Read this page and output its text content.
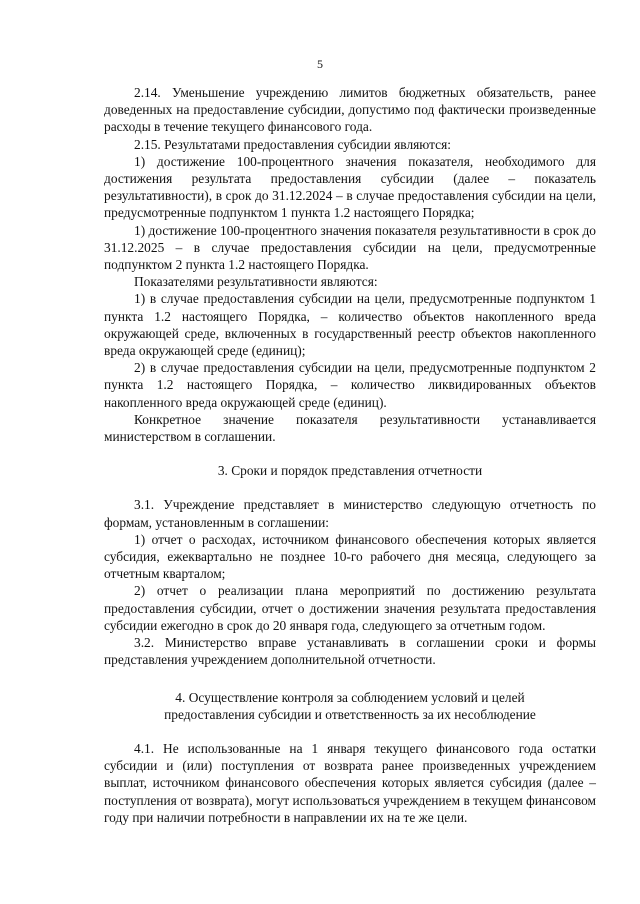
5

2.14. Уменьшение учреждению лимитов бюджетных обязательств, ранее доведенных на предоставление субсидии, допустимо под фактически произведенные расходы в течение текущего финансового года.

2.15. Результатами предоставления субсидии являются:

1) достижение 100-процентного значения показателя, необходимого для достижения результата предоставления субсидии (далее – показатель результативности), в срок до 31.12.2024 – в случае предоставления субсидии на цели, предусмотренные подпунктом 1 пункта 1.2 настоящего Порядка;

1) достижение 100-процентного значения показателя результативности в срок до 31.12.2025 – в случае предоставления субсидии на цели, предусмотренные подпунктом 2 пункта 1.2 настоящего Порядка.

Показателями результативности являются:

1) в случае предоставления субсидии на цели, предусмотренные подпунктом 1 пункта 1.2 настоящего Порядка, – количество объектов накопленного вреда окружающей среде, включенных в государственный реестр объектов накопленного вреда окружающей среде (единиц);

2) в случае предоставления субсидии на цели, предусмотренные подпунктом 2 пункта 1.2 настоящего Порядка, – количество ликвидированных объектов накопленного вреда окружающей среде (единиц).

Конкретное значение показателя результативности устанавливается министерством в соглашении.

3. Сроки и порядок представления отчетности

3.1. Учреждение представляет в министерство следующую отчетность по формам, установленным в соглашении:

1) отчет о расходах, источником финансового обеспечения которых является субсидия, ежеквартально не позднее 10-го рабочего дня месяца, следующего за отчетным кварталом;

2) отчет о реализации плана мероприятий по достижению результата предоставления субсидии, отчет о достижении значения результата предоставления субсидии ежегодно в срок до 20 января года, следующего за отчетным годом.

3.2. Министерство вправе устанавливать в соглашении сроки и формы представления учреждением дополнительной отчетности.

4. Осуществление контроля за соблюдением условий и целей

предоставления субсидии и ответственность за их несоблюдение

4.1. Не использованные на 1 января текущего финансового года остатки субсидии и (или) поступления от возврата ранее произведенных учреждением выплат, источником финансового обеспечения которых является субсидия (далее – поступления от возврата), могут использоваться учреждением в текущем финансовом году при наличии потребности в направлении их на те же цели.
